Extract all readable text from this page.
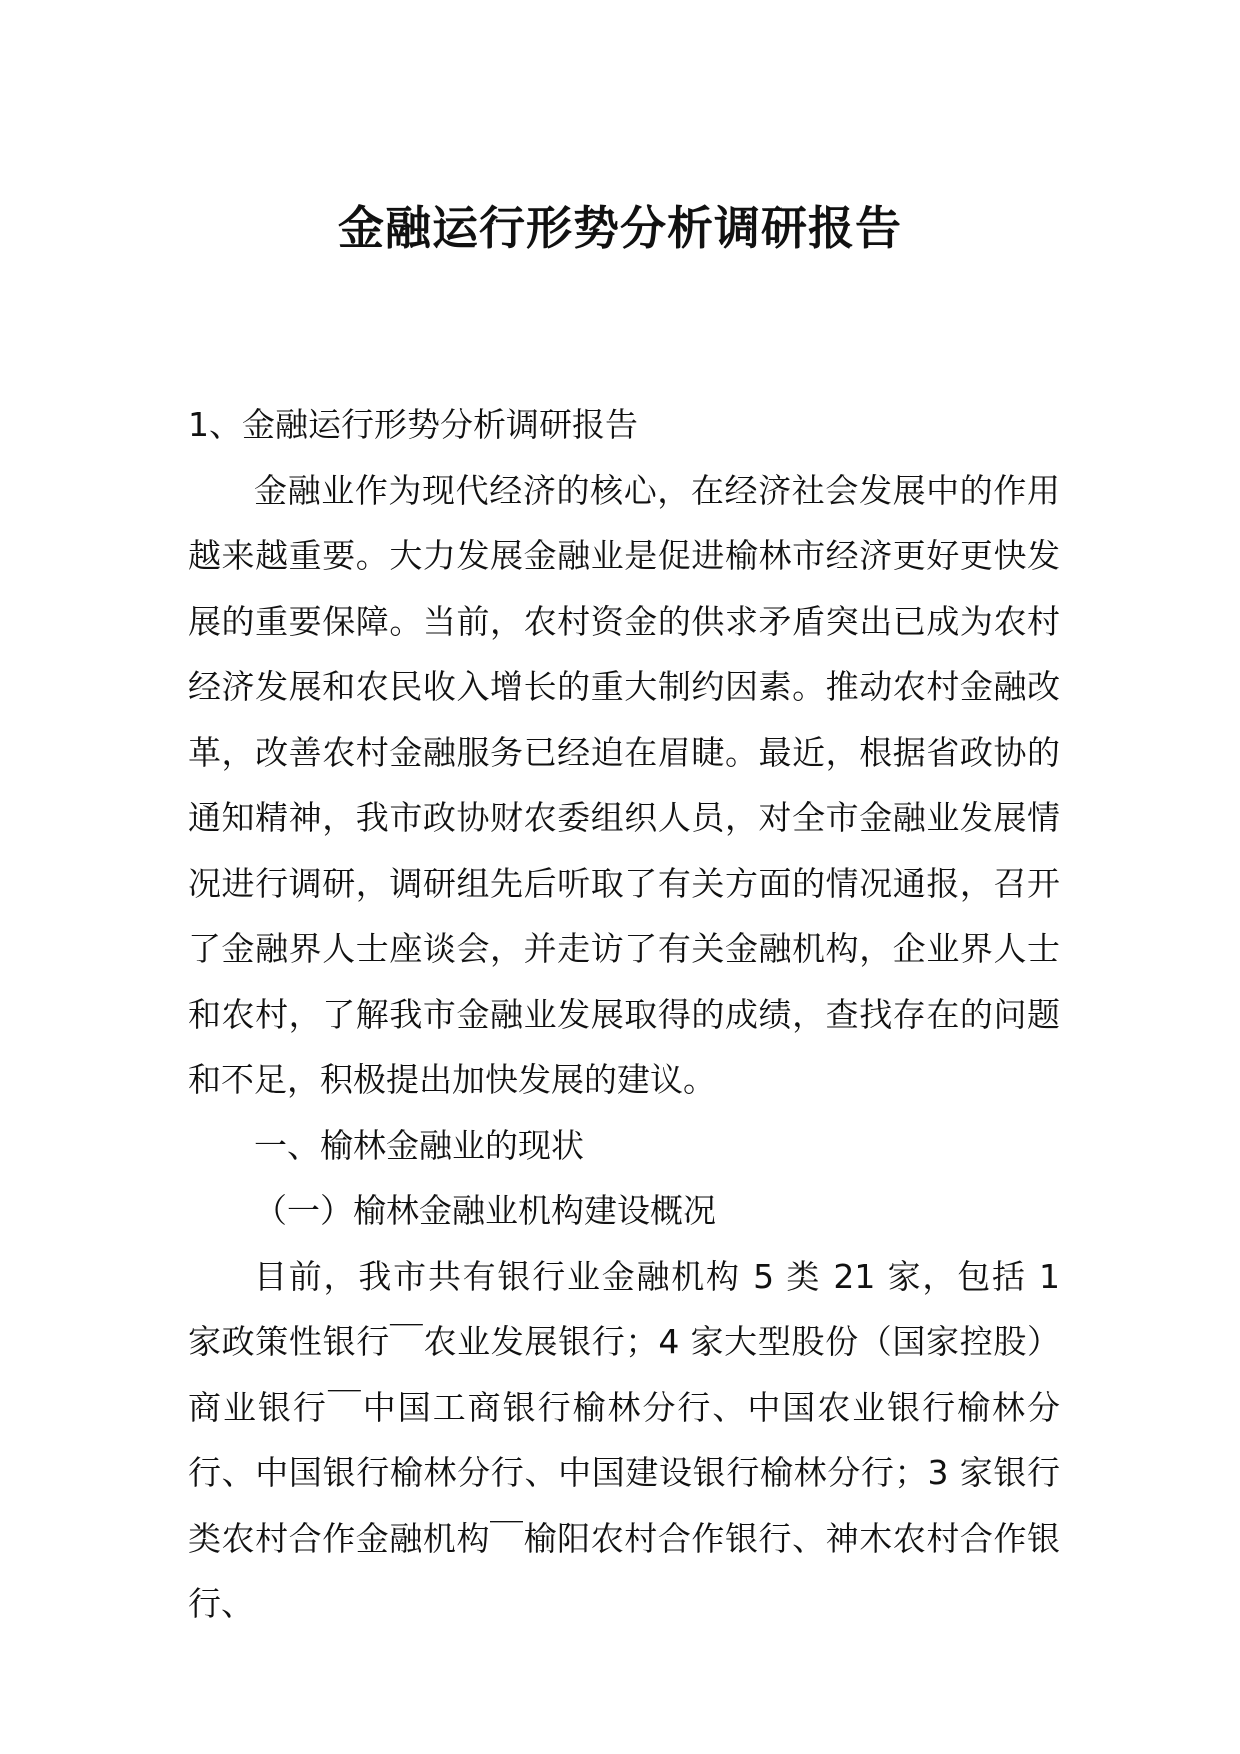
金融运行形势分析调研报告

1、金融运行形势分析调研报告

金融业作为现代经济的核心，在经济社会发展中的作用越来越重要。大力发展金融业是促进榆林市经济更好更快发展的重要保障。当前，农村资金的供求矛盾突出已成为农村经济发展和农民收入增长的重大制约因素。推动农村金融改革，改善农村金融服务已经迫在眉睫。最近，根据省政协的通知精神，我市政协财农委组织人员，对全市金融业发展情况进行调研，调研组先后听取了有关方面的情况通报，召开了金融界人士座谈会，并走访了有关金融机构，企业界人士和农村，了解我市金融业发展取得的成绩，查找存在的问题和不足，积极提出加快发展的建议。

一、榆林金融业的现状

（一）榆林金融业机构建设概况

目前，我市共有银行业金融机构 5 类 21 家，包括 1 家政策性银行￣农业发展银行；4 家大型股份（国家控股）商业银行￣中国工商银行榆林分行、中国农业银行榆林分行、中国银行榆林分行、中国建设银行榆林分行；3 家银行类农村合作金融机构￣榆阳农村合作银行、神木农村合作银行、
